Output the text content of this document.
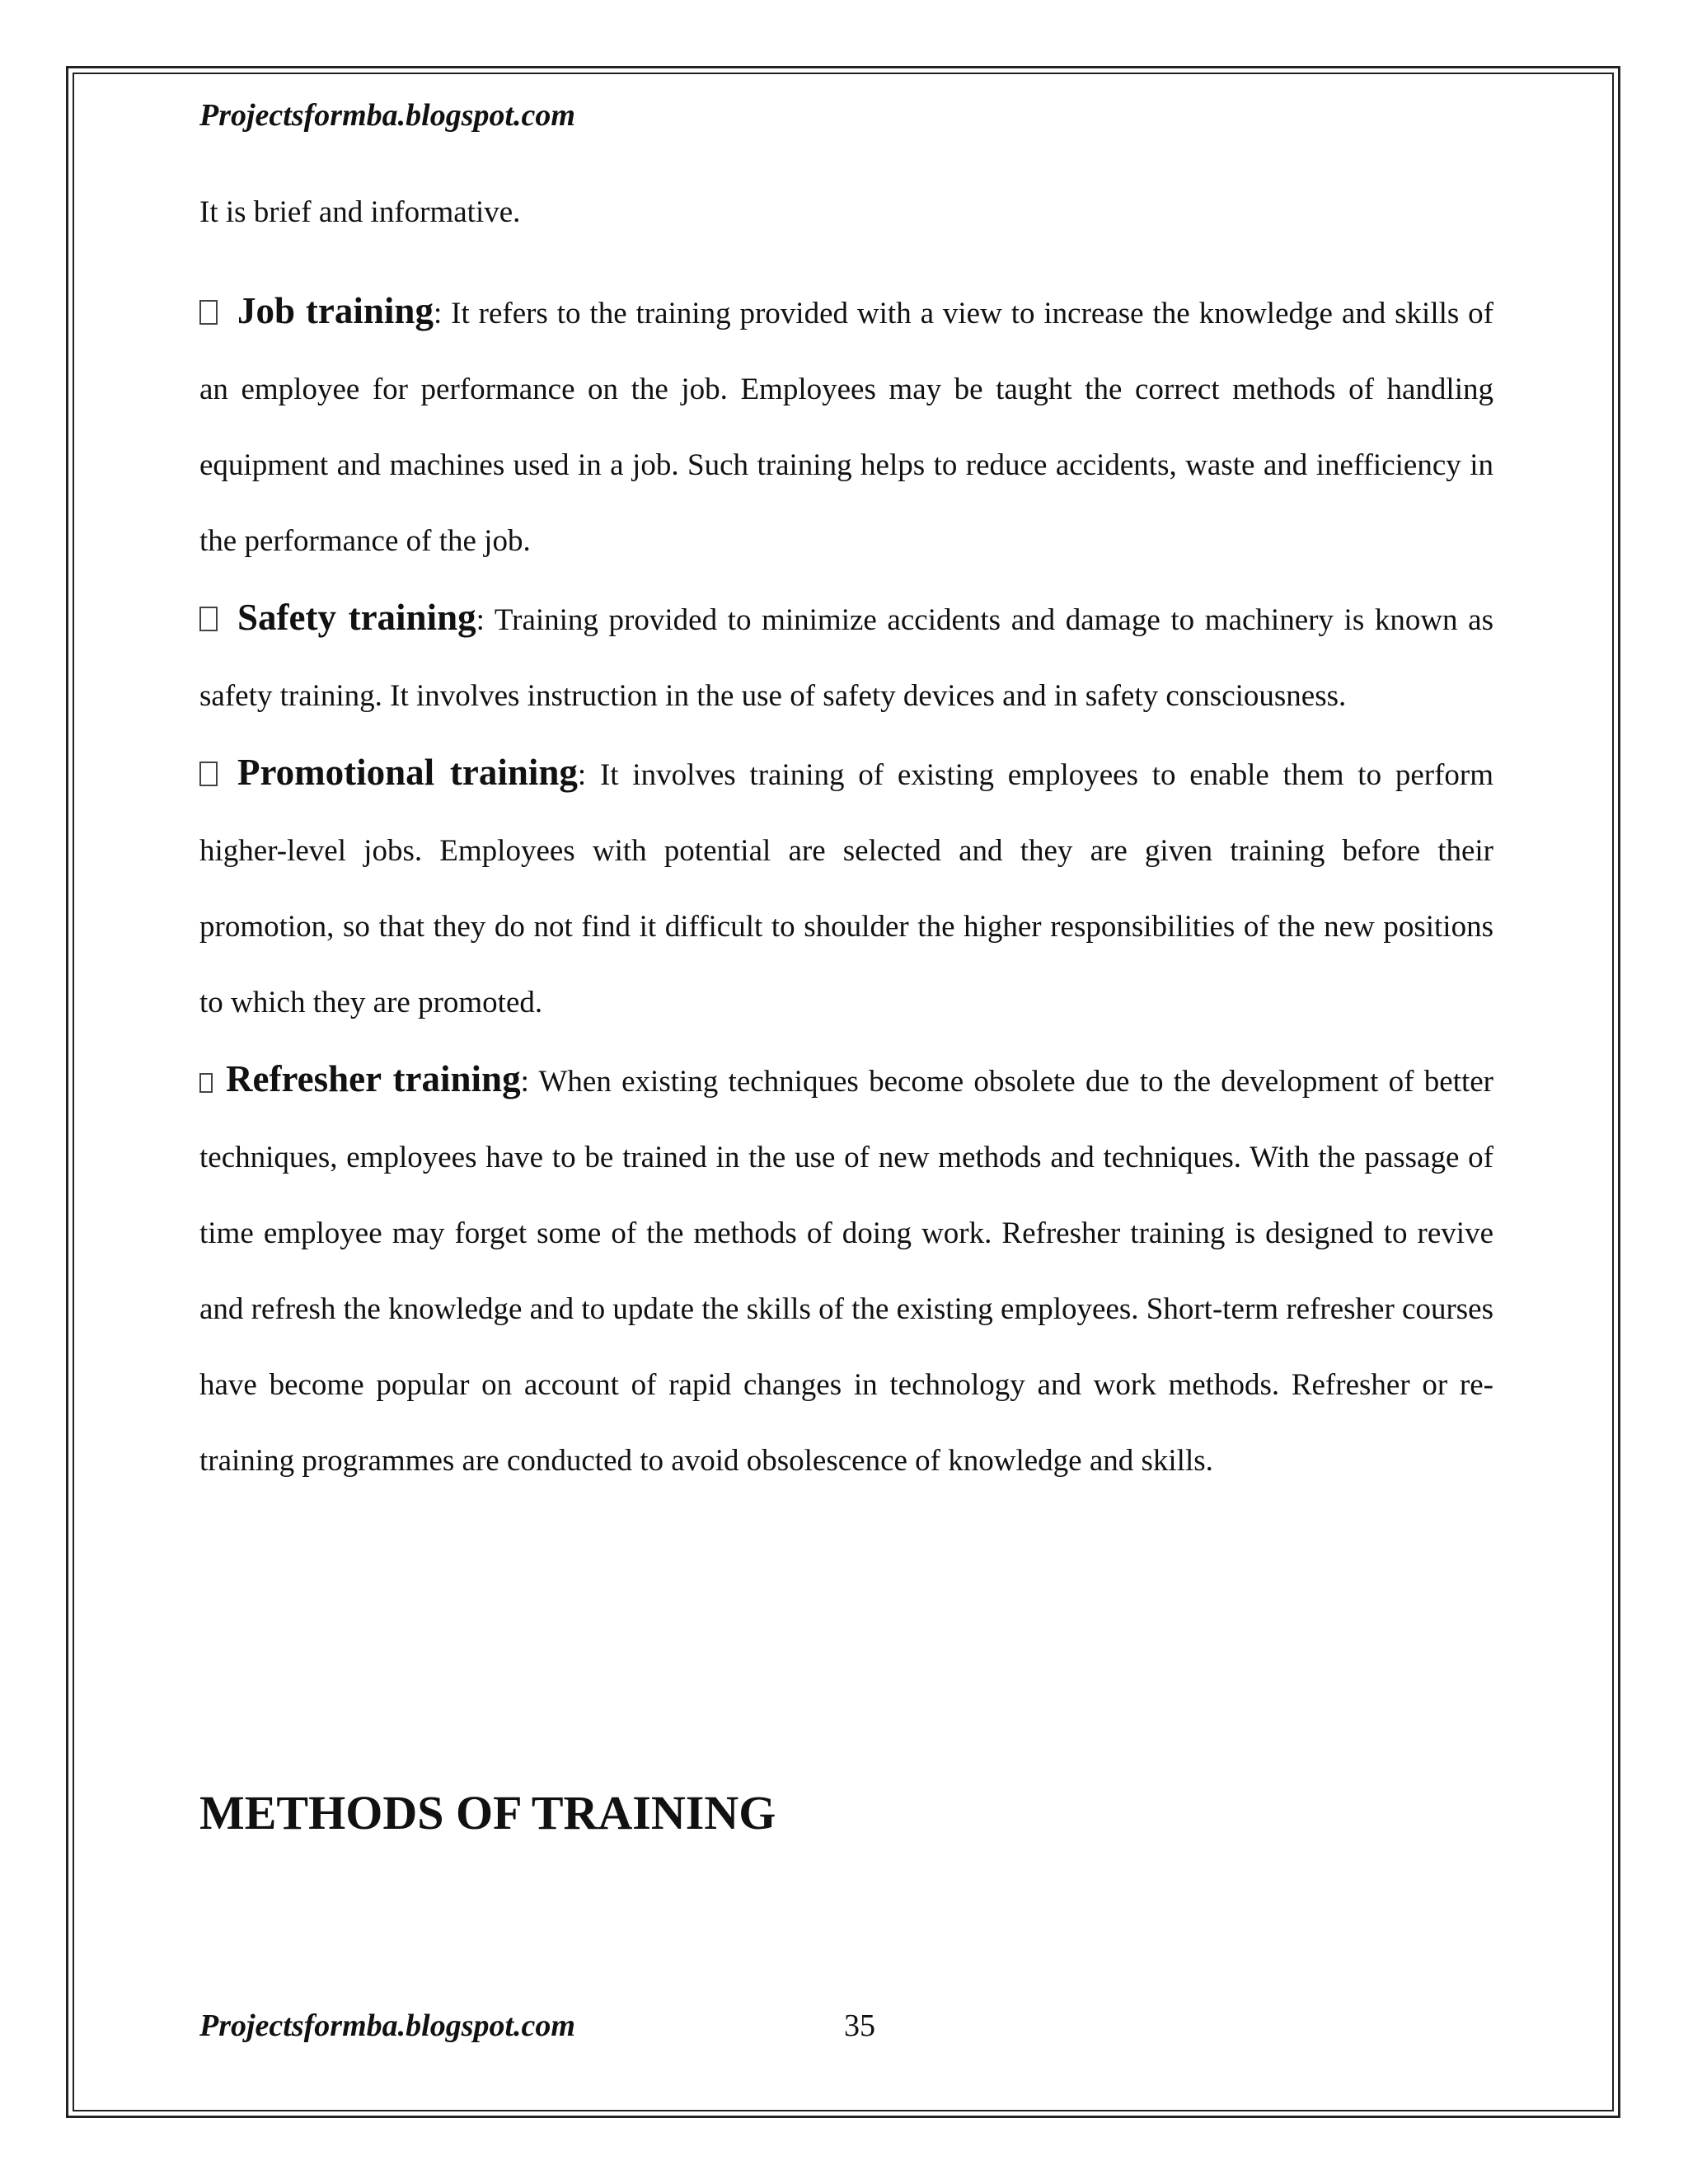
Projectsformba.blogspot.com

It is brief and informative.

Job training: It refers to the training provided with a view to increase the knowledge and skills of an employee for performance on the job. Employees may be taught the correct methods of handling equipment and machines used in a job. Such training helps to reduce accidents, waste and inefficiency in the performance of the job.

Safety training: Training provided to minimize accidents and damage to machinery is known as safety training. It involves instruction in the use of safety devices and in safety consciousness.

Promotional training: It involves training of existing employees to enable them to perform higher-level jobs. Employees with potential are selected and they are given training before their promotion, so that they do not find it difficult to shoulder the higher responsibilities of the new positions to which they are promoted.

Refresher training: When existing techniques become obsolete due to the development of better techniques, employees have to be trained in the use of new methods and techniques. With the passage of time employee may forget some of the methods of doing work. Refresher training is designed to revive and refresh the knowledge and to update the skills of the existing employees. Short-term refresher courses have become popular on account of rapid changes in technology and work methods. Refresher or re-training programmes are conducted to avoid obsolescence of knowledge and skills.

METHODS OF TRAINING
Projectsformba.blogspot.com	35
